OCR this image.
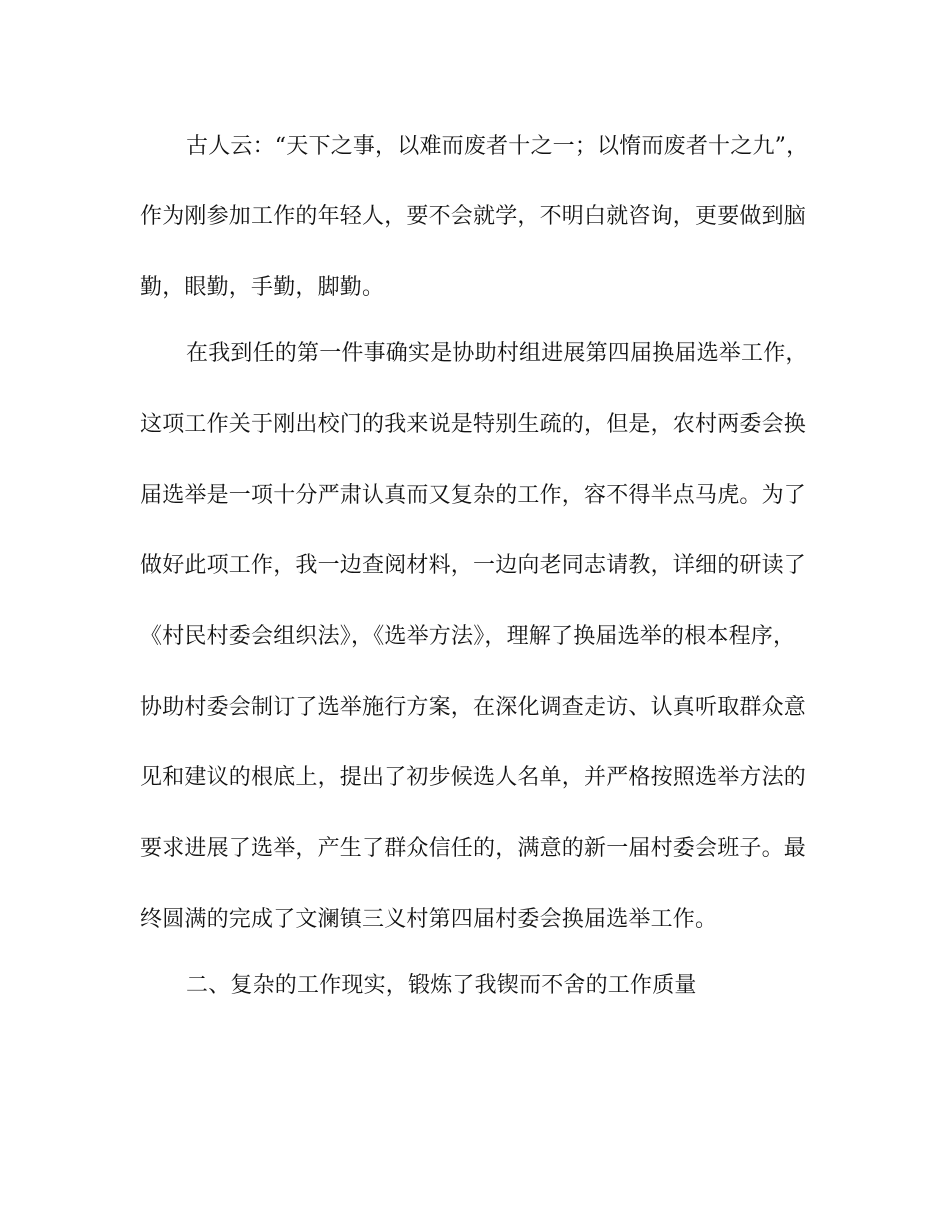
古人云：“天下之事，以难而废者十之一；以惰而废者十之九”，

作为刚参加工作的年轻人，要不会就学，不明白就咨询，更要做到脑

勤，眼勤，手勤，脚勤。

在我到任的第一件事确实是协助村组进展第四届换届选举工作，

这项工作关于刚出校门的我来说是特别生疏的，但是，农村两委会换

届选举是一项十分严肃认真而又复杂的工作，容不得半点马虎。为了

做好此项工作，我一边查阅材料，一边向老同志请教，详细的研读了

《村民村委会组织法》，《选举方法》，理解了换届选举的根本程序，

协助村委会制订了选举施行方案，在深化调查走访、认真听取群众意

见和建议的根底上，提出了初步候选人名单，并严格按照选举方法的

要求进展了选举，产生了群众信任的，满意的新一届村委会班子。最

终圆满的完成了文澜镇三义村第四届村委会换届选举工作。

二、复杂的工作现实，锻炼了我锲而不舍的工作质量
